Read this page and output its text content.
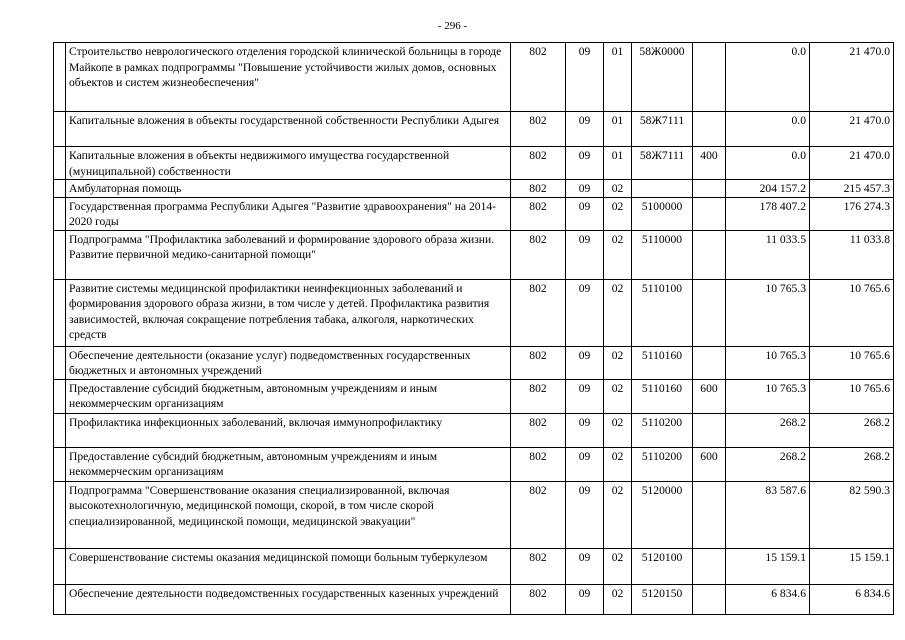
- 296 -
	Строительство неврологического отделения городской клинической больницы в городе Майкопе в рамках подпрограммы "Повышение устойчивости жилых домов, основных объектов и систем жизнеобеспечения"	802	09	01	58Ж0000		0.0	21 470.0
	Капитальные вложения в объекты государственной собственности Республики Адыгея	802	09	01	58Ж7111		0.0	21 470.0
	Капитальные вложения в объекты недвижимого имущества государственной (муниципальной) собственности	802	09	01	58Ж7111	400	0.0	21 470.0
	Амбулаторная помощь	802	09	02			204 157.2	215 457.3
	Государственная программа Республики Адыгея "Развитие здравоохранения" на 2014-2020 годы	802	09	02	5100000		178 407.2	176 274.3
	Подпрограмма "Профилактика заболеваний и формирование здорового образа жизни. Развитие первичной медико-санитарной помощи"	802	09	02	5110000		11 033.5	11 033.8
	Развитие системы медицинской профилактики неинфекционных заболеваний и формирования здорового образа жизни, в том числе у детей. Профилактика развития зависимостей, включая сокращение потребления табака, алкоголя, наркотических средств	802	09	02	5110100		10 765.3	10 765.6
	Обеспечение деятельности (оказание услуг) подведомственных государственных бюджетных и автономных учреждений	802	09	02	5110160		10 765.3	10 765.6
	Предоставление субсидий бюджетным, автономным учреждениям и иным некоммерческим организациям	802	09	02	5110160	600	10 765.3	10 765.6
	Профилактика инфекционных заболеваний, включая иммунопрофилактику	802	09	02	5110200		268.2	268.2
	Предоставление субсидий бюджетным, автономным учреждениям и иным некоммерческим организациям	802	09	02	5110200	600	268.2	268.2
	Подпрограмма "Совершенствование оказания специализированной, включая высокотехнологичную, медицинской помощи, скорой, в том числе скорой специализированной, медицинской помощи, медицинской эвакуации"	802	09	02	5120000		83 587.6	82 590.3
	Совершенствование системы оказания медицинской помощи больным туберкулезом	802	09	02	5120100		15 159.1	15 159.1
	Обеспечение деятельности подведомственных государственных казенных учреждений	802	09	02	5120150		6 834.6	6 834.6
